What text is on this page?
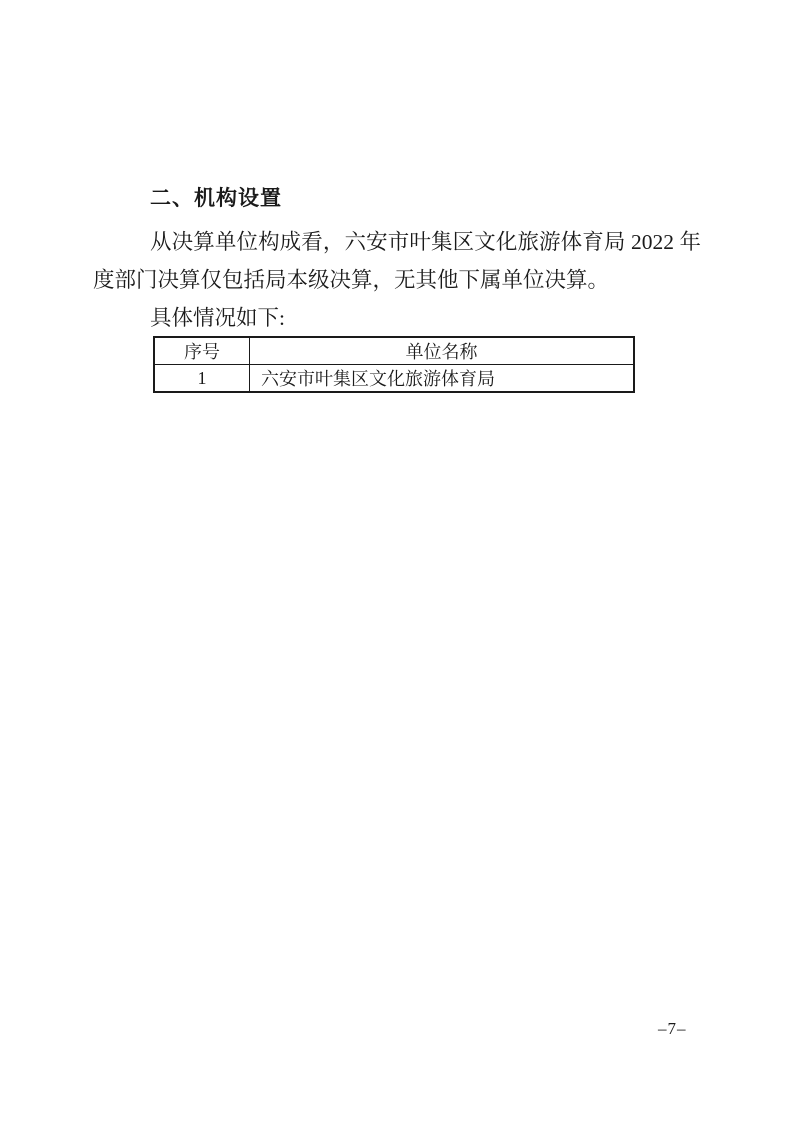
二、机构设置

从决算单位构成看，六安市叶集区文化旅游体育局 2022 年度部门决算仅包括局本级决算，无其他下属单位决算。

具体情况如下:

序号	单位名称
1	六安市叶集区文化旅游体育局
–7–
